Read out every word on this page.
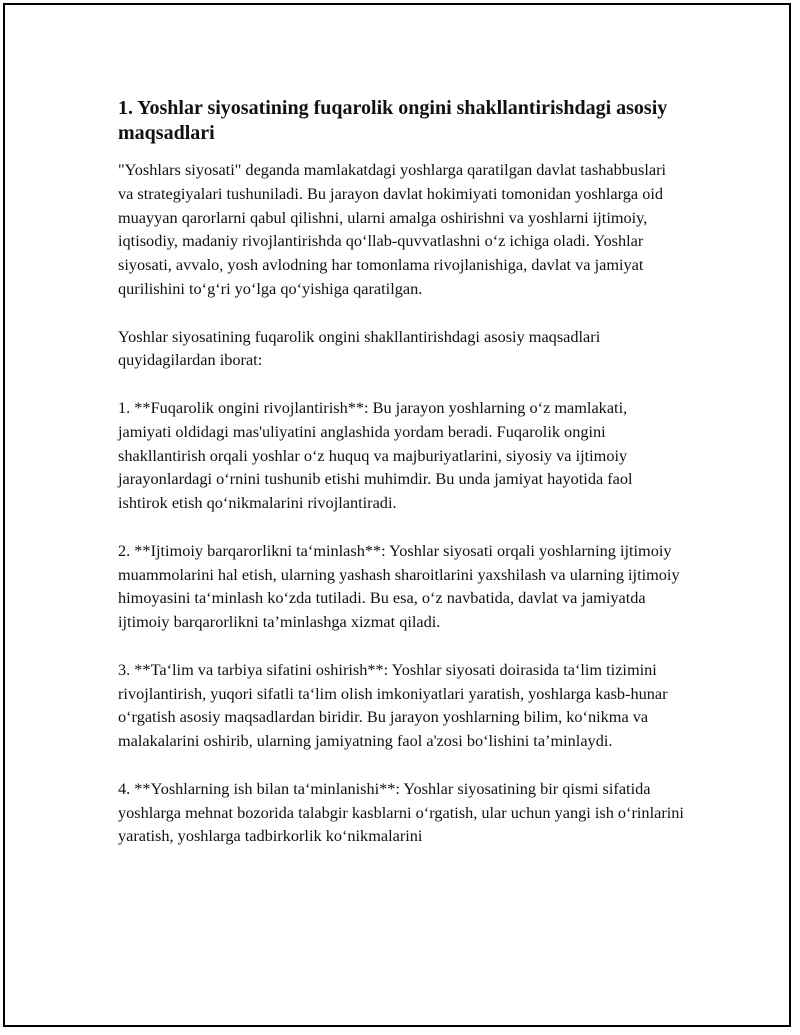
1. Yoshlar siyosatining fuqarolik ongini shakllantirishdagi asosiy maqsadlari

"Yoshlars siyosati" deganda mamlakatdagi yoshlarga qaratilgan davlat tashabbuslari va strategiyalari tushuniladi. Bu jarayon davlat hokimiyati tomonidan yoshlarga oid muayyan qarorlarni qabul qilishni, ularni amalga oshirishni va yoshlarni ijtimoiy, iqtisodiy, madaniy rivojlantirishda qo‘llab-quvvatlashni o‘z ichiga oladi. Yoshlar siyosati, avvalo, yosh avlodning har tomonlama rivojlanishiga, davlat va jamiyat qurilishini to‘g‘ri yo‘lga qo‘yishiga qaratilgan.

Yoshlar siyosatining fuqarolik ongini shakllantirishdagi asosiy maqsadlari quyidagilardan iborat:

1. **Fuqarolik ongini rivojlantirish**: Bu jarayon yoshlarning o‘z mamlakati, jamiyati oldidagi mas'uliyatini anglashida yordam beradi. Fuqarolik ongini shakllantirish orqali yoshlar o‘z huquq va majburiyatlarini, siyosiy va ijtimoiy jarayonlardagi o‘rnini tushunib etishi muhimdir. Bu unda jamiyat hayotida faol ishtirok etish qo‘nikmalarini rivojlantiradi.

2. **Ijtimoiy barqarorlikni ta‘minlash**: Yoshlar siyosati orqali yoshlarning ijtimoiy muammolarini hal etish, ularning yashash sharoitlarini yaxshilash va ularning ijtimoiy himoyasini ta‘minlash ko‘zda tutiladi. Bu esa, o‘z navbatida, davlat va jamiyatda ijtimoiy barqarorlikni ta’minlashga xizmat qiladi.

3. **Ta‘lim va tarbiya sifatini oshirish**: Yoshlar siyosati doirasida ta‘lim tizimini rivojlantirish, yuqori sifatli ta‘lim olish imkoniyatlari yaratish, yoshlarga kasb-hunar o‘rgatish asosiy maqsadlardan biridir. Bu jarayon yoshlarning bilim, ko‘nikma va malakalarini oshirib, ularning jamiyatning faol a'zosi bo‘lishini ta’minlaydi.

4. **Yoshlarning ish bilan ta‘minlanishi**: Yoshlar siyosatining bir qismi sifatida yoshlarga mehnat bozorida talabgir kasblarni o‘rgatish, ular uchun yangi ish o‘rinlarini yaratish, yoshlarga tadbirkorlik ko‘nikmalarini
